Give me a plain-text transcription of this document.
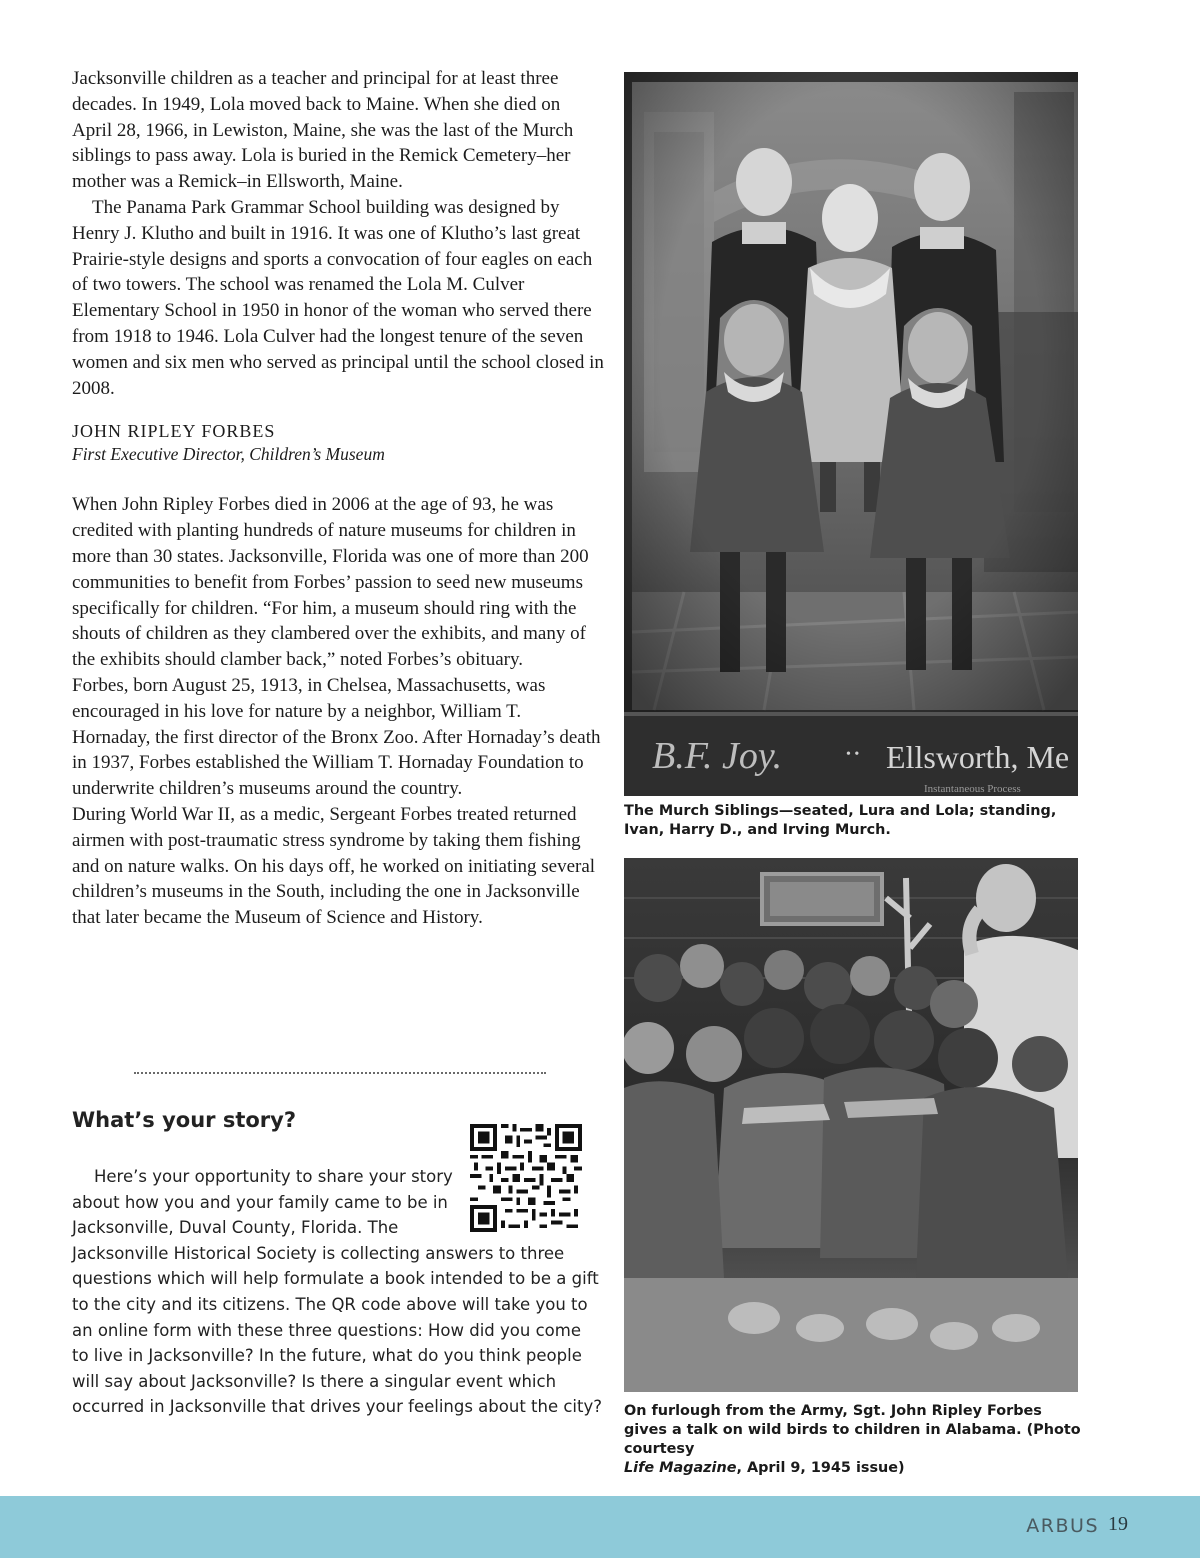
Jacksonville children as a teacher and principal for at least three decades. In 1949, Lola moved back to Maine. When she died on April 28, 1966, in Lewiston, Maine, she was the last of the Murch siblings to pass away. Lola is buried in the Remick Cemetery–her mother was a Remick–in Ellsworth, Maine.

The Panama Park Grammar School building was designed by Henry J. Klutho and built in 1916. It was one of Klutho’s last great Prairie-style designs and sports a convocation of four eagles on each of two towers. The school was renamed the Lola M. Culver Elementary School in 1950 in honor of the woman who served there from 1918 to 1946. Lola Culver had the longest tenure of the seven women and six men who served as principal until the school closed in 2008.

JOHN RIPLEY FORBES

First Executive Director, Children’s Museum

When John Ripley Forbes died in 2006 at the age of 93, he was credited with planting hundreds of nature museums for children in more than 30 states. Jacksonville, Florida was one of more than 200 communities to benefit from Forbes’ passion to seed new museums specifically for children. “For him, a museum should ring with the shouts of children as they clambered over the exhibits, and many of the exhibits should clamber back,” noted Forbes’s obituary.

Forbes, born August 25, 1913, in Chelsea, Massachusetts, was encouraged in his love for nature by a neighbor, William T. Hornaday, the first director of the Bronx Zoo. After Hornaday’s death in 1937, Forbes established the William T. Hornaday Foundation to underwrite children’s museums around the country.

During World War II, as a medic, Sergeant Forbes treated returned airmen with post-traumatic stress syndrome by taking them fishing and on nature walks. On his days off, he worked on initiating several children’s museums in the South, including the one in Jacksonville that later became the Museum of Science and History.

What’s your story?

Here’s your opportunity to share your story about how you and your family came to be in Jacksonville, Duval County, Florida. The Jacksonville Historical Society is collecting answers to three questions which will help formulate a book intended to be a gift to the city and its citizens. The QR code above will take you to an online form with these three questions: How did you come to live in Jacksonville? In the future, what do you think people will say about Jacksonville? Is there a singular event which occurred in Jacksonville that drives your feelings about the city?

B.F. Joy.	• • Ellsworth, Me
Instantaneous Process

The Murch Siblings—seated, Lura and Lola; standing, Ivan, Harry D., and Irving Murch.

On furlough from the Army, Sgt. John Ripley Forbes gives a talk on wild birds to children in Alabama. (Photo courtesy
Life Magazine, April 9, 1945 issue)

ARBUS 19
